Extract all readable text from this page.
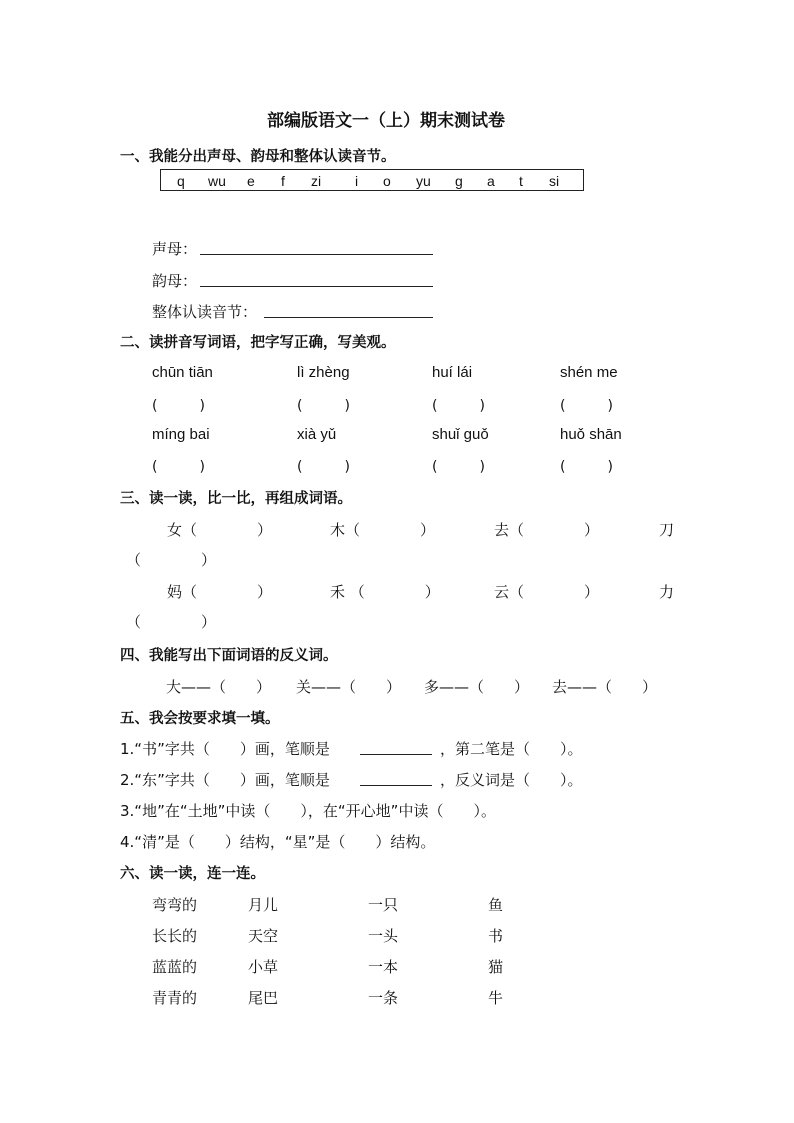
部编版语文一（上）期末测试卷
一、我能分出声母、韵母和整体认读音节。
q wu e f zi i o yu g a t si
声母：
韵母：
整体认读音节：
二、读拼音写词语，把字写正确，写美观。
chūn tiān	lì zhèng	huí lái	shén me
(　　　)	(　　　)	(　　　)	(　　　)
míng bai	xià yǔ	shuǐ guǒ	huǒ shān
(　　　)	(　　　)	(　　　)	(　　　)
三、读一读，比一比，再组成词语。
女（　　　　）	木（　　　　）	去（　　　　）	刀
（　　　　）
妈（　　　　）	禾 （　　　　）	云（　　　　）	力
（　　　　）
四、我能写出下面词语的反义词。
大——（　　） 关——（　　） 多——（　　） 去——（　　）
五、我会按要求填一填。
1.“书”字共（　　）画，笔顺是	，第二笔是（　　）。
2.“东”字共（　　）画，笔顺是	，反义词是（　　）。
3.“地”在“土地”中读（　　），在“开心地”中读（　　）。
4.“清”是（　　）结构，“星”是（　　）结构。
六、读一读，连一连。
弯弯的	月儿	一只	鱼
长长的	天空	一头	书
蓝蓝的	小草	一本	猫
青青的	尾巴	一条	牛
